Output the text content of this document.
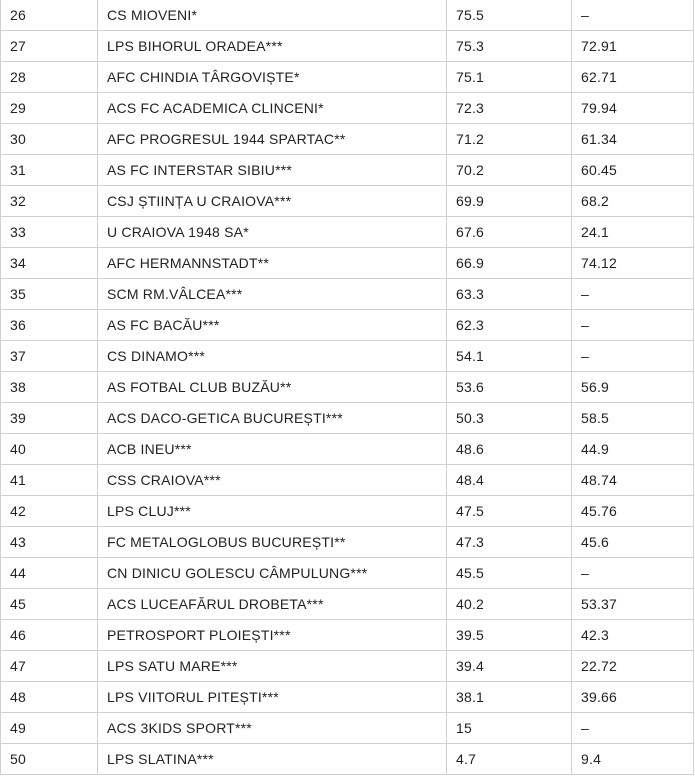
26	CS MIOVENI*	75.5	–
27	LPS BIHORUL ORADEA***	75.3	72.91
28	AFC CHINDIA TÂRGOVIȘTE*	75.1	62.71
29	ACS FC ACADEMICA CLINCENI*	72.3	79.94
30	AFC PROGRESUL 1944 SPARTAC**	71.2	61.34
31	AS FC INTERSTAR SIBIU***	70.2	60.45
32	CSJ ȘTIINȚA U CRAIOVA***	69.9	68.2
33	U CRAIOVA 1948 SA*	67.6	24.1
34	AFC HERMANNSTADT**	66.9	74.12
35	SCM RM.VÂLCEA***	63.3	–
36	AS FC BACĂU***	62.3	–
37	CS DINAMO***	54.1	–
38	AS FOTBAL CLUB BUZĂU**	53.6	56.9
39	ACS DACO-GETICA BUCUREȘTI***	50.3	58.5
40	ACB INEU***	48.6	44.9
41	CSS CRAIOVA***	48.4	48.74
42	LPS CLUJ***	47.5	45.76
43	FC METALOGLOBUS BUCUREȘTI**	47.3	45.6
44	CN DINICU GOLESCU CÂMPULUNG***	45.5	–
45	ACS LUCEAFĂRUL DROBETA***	40.2	53.37
46	PETROSPORT PLOIEȘTI***	39.5	42.3
47	LPS SATU MARE***	39.4	22.72
48	LPS VIITORUL PITEȘTI***	38.1	39.66
49	ACS 3KIDS SPORT***	15	–
50	LPS SLATINA***	4.7	9.4
